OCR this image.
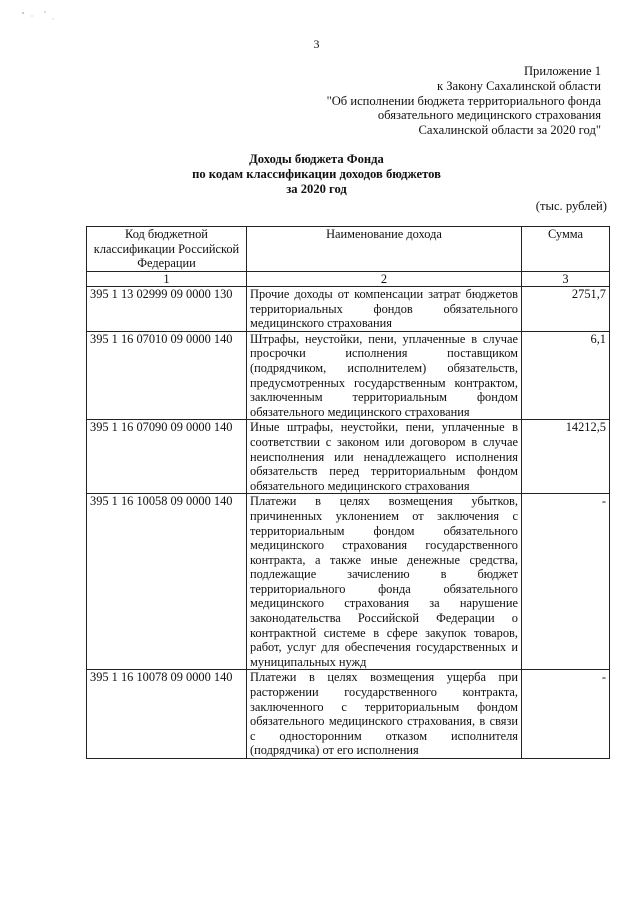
3
Приложение 1
к Закону Сахалинской области
"Об исполнении бюджета территориального фонда
обязательного медицинского страхования
Сахалинской области за 2020 год"
Доходы бюджета Фонда
по кодам классификации доходов бюджетов
за 2020 год
(тыс. рублей)
Код бюджетной классификации Российской Федерации	Наименование дохода	Сумма
1	2	3
395 1 13 02999 09 0000 130	Прочие доходы от компенсации затрат бюджетов территориальных фондов обязательного медицинского страхования	2751,7
395 1 16 07010 09 0000 140	Штрафы, неустойки, пени, уплаченные в случае просрочки исполнения поставщиком (подрядчиком, исполнителем) обязательств, предусмотренных государственным контрактом, заключенным территориальным фондом обязательного медицинского страхования	6,1
395 1 16 07090 09 0000 140	Иные штрафы, неустойки, пени, уплаченные в соответствии с законом или договором в случае неисполнения или ненадлежащего исполнения обязательств перед территориальным фондом обязательного медицинского страхования	14212,5
395 1 16 10058 09 0000 140	Платежи в целях возмещения убытков, причиненных уклонением от заключения с территориальным фондом обязательного медицинского страхования государственного контракта, а также иные денежные средства, подлежащие зачислению в бюджет территориального фонда обязательного медицинского страхования за нарушение законодательства Российской Федерации о контрактной системе в сфере закупок товаров, работ, услуг для обеспечения государственных и муниципальных нужд	-
395 1 16 10078 09 0000 140	Платежи в целях возмещения ущерба при расторжении государственного контракта, заключенного с территориальным фондом обязательного медицинского страхования, в связи с односторонним отказом исполнителя (подрядчика) от его исполнения	-
